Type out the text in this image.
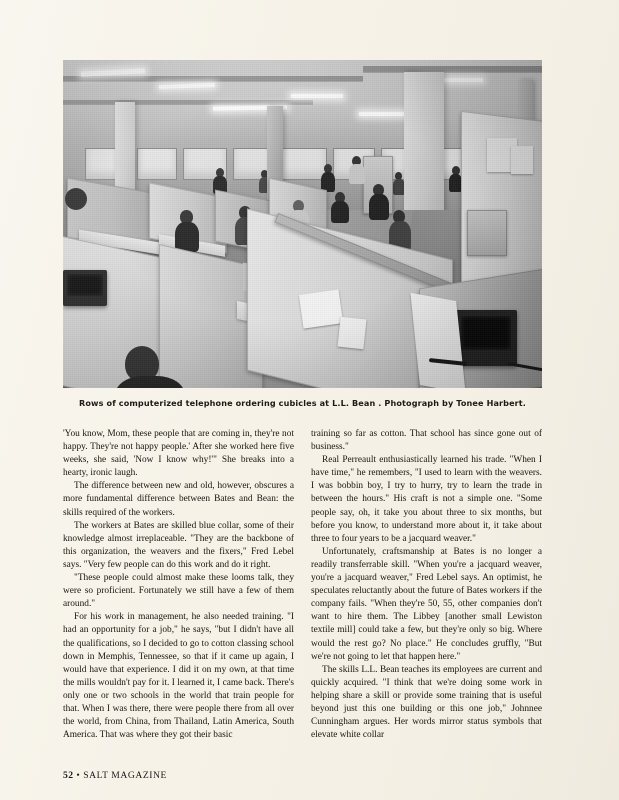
Rows of computerized telephone ordering cubicles at L.L. Bean . Photograph by Tonee Harbert.

'You know, Mom, these people that are coming in, they're not happy. They're not happy people.' After she worked here five weeks, she said, 'Now I know why!'" She breaks into a hearty, ironic laugh.

The difference between new and old, however, obscures a more fundamental difference between Bates and Bean: the skills required of the workers.

The workers at Bates are skilled blue collar, some of their knowledge almost irreplaceable. "They are the backbone of this organization, the weavers and the fixers," Fred Lebel says. "Very few people can do this work and do it right.

"These people could almost make these looms talk, they were so proficient. Fortunately we still have a few of them around."

For his work in management, he also needed training. "I had an opportunity for a job," he says, "but I didn't have all the qualifications, so I decided to go to cotton classing school down in Memphis, Tennessee, so that if it came up again, I would have that experience. I did it on my own, at that time the mills wouldn't pay for it. I learned it, I came back. There's only one or two schools in the world that train people for that. When I was there, there were people there from all over the world, from China, from Thailand, Latin America, South America. That was where they got their basic

training so far as cotton. That school has since gone out of business."

Real Perreault enthusiastically learned his trade. "When I have time," he remembers, "I used to learn with the weavers. I was bobbin boy, I try to hurry, try to learn the trade in between the hours." His craft is not a simple one. "Some people say, oh, it take you about three to six months, but before you know, to understand more about it, it take about three to four years to be a jacquard weaver."

Unfortunately, craftsmanship at Bates is no longer a readily transferrable skill. "When you're a jacquard weaver, you're a jacquard weaver," Fred Lebel says. An optimist, he speculates reluctantly about the future of Bates workers if the company fails. "When they're 50, 55, other companies don't want to hire them. The Libbey [another small Lewiston textile mill] could take a few, but they're only so big. Where would the rest go? No place." He concludes gruffly, "But we're not going to let that happen here."

The skills L.L. Bean teaches its employees are current and quickly acquired. "I think that we're doing some work in helping share a skill or provide some training that is useful beyond just this one building or this one job," Johnnee Cunningham argues. Her words mirror status symbols that elevate white collar

52 • SALT MAGAZINE
